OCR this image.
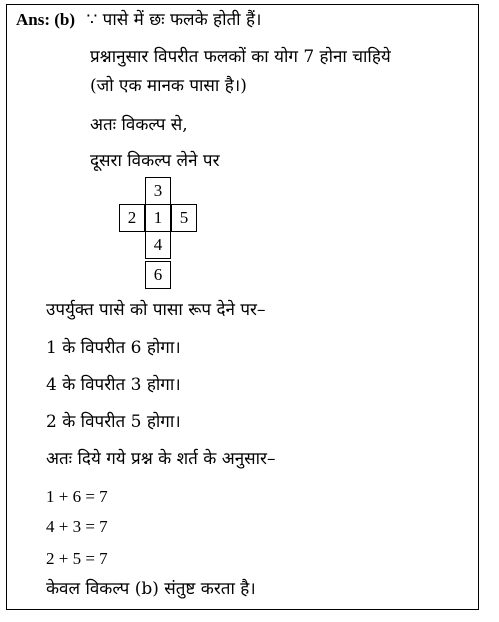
Ans: (b) ∵ पासे में छः फलके होती हैं।
प्रश्नानुसार विपरीत फलकों का योग 7 होना चाहिये
(जो एक मानक पासा है।)
अतः विकल्प से,
दूसरा विकल्प लेने पर
3
2	1	5
4
6
उपर्युक्त पासे को पासा रूप देने पर–
1 के विपरीत 6 होगा।
4 के विपरीत 3 होगा।
2 के विपरीत 5 होगा।
अतः दिये गये प्रश्न के शर्त के अनुसार–
1 + 6 = 7
4 + 3 = 7
2 + 5 = 7
केवल विकल्प (b) संतुष्ट करता है।
